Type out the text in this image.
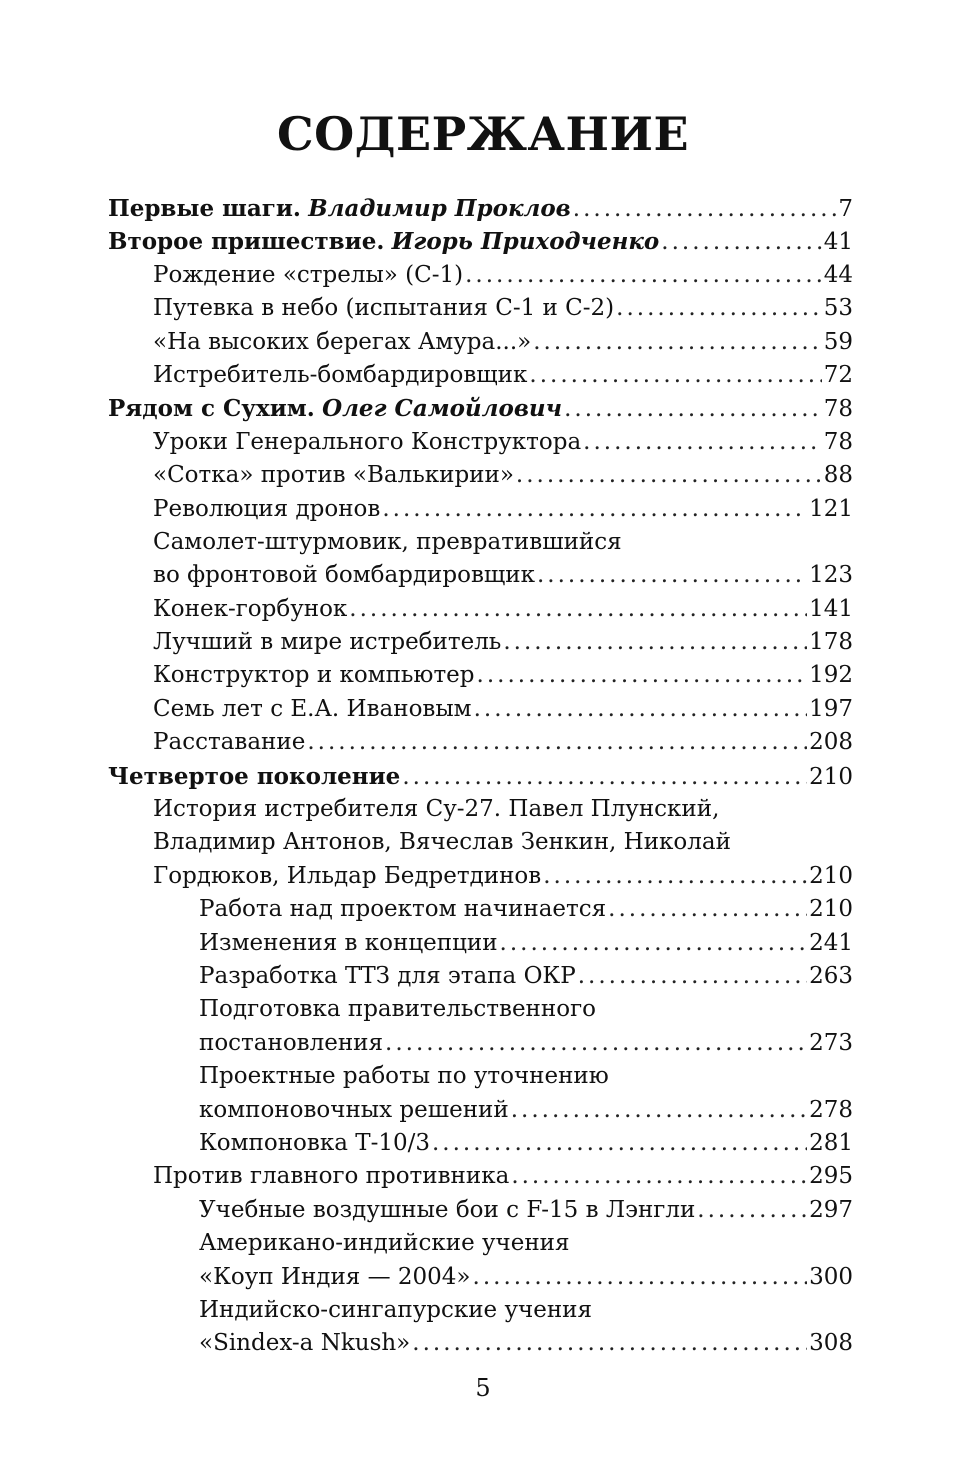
СОДЕРЖАНИЕ
Первые шаги. Владимир Проклов .....	7
Второе пришествие. Игорь Приходченко .....	41
Рождение «стрелы» (С-1) .....	44
Путевка в небо (испытания С-1 и С-2) .....	53
«На высоких берегах Амура...» .....	59
Истребитель-бомбардировщик .....	72
Рядом с Сухим. Олег Самойлович .....	78
Уроки Генерального Конструктора .....	78
«Сотка» против «Валькирии» .....	88
Революция дронов .....	121
Самолет-штурмовик, превратившийся
во фронтовой бомбардировщик .....	123
Конек-горбунок .....	141
Лучший в мире истребитель .....	178
Конструктор и компьютер .....	192
Семь лет с Е.А. Ивановым .....	197
Расставание .....	208
Четвертое поколение .....	210
История истребителя Су-27. Павел Плунский,
Владимир Антонов, Вячеслав Зенкин, Николай
Гордюков, Ильдар Бедретдинов .....	210
Работа над проектом начинается .....	210
Изменения в концепции .....	241
Разработка ТТЗ для этапа ОКР .....	263
Подготовка правительственного
постановления .....	273
Проектные работы по уточнению
компоновочных решений .....	278
Компоновка Т-10/3 .....	281
Против главного противника .....	295
Учебные воздушные бои с F-15 в Лэнгли .....	297
Американо-индийские учения
«Коуп Индия — 2004» .....	300
Индийско-сингапурские учения
«Sindex-a Nkush» .....	308
5
